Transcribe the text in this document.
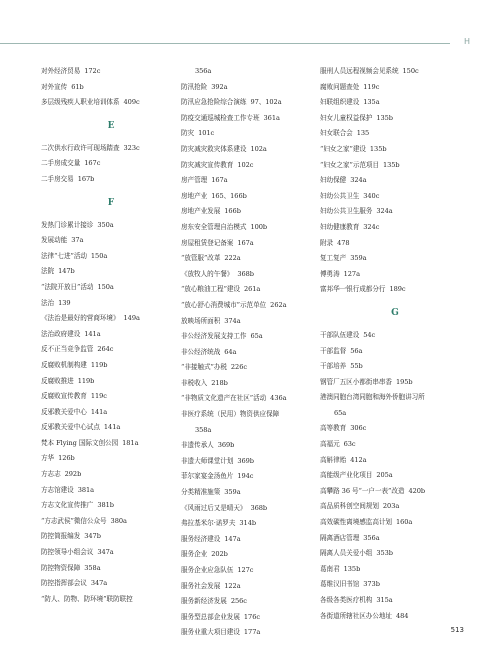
H
对外经济贸易 172c
对外宣传 61b
多层级残疾人职业培训体系 409c
E
二次供水行政许可现场踏查 323c
二手房成交量 167c
二手房交易 167b
F
发热门诊累计接诊 350a
发展动能 37a
法律“七进”活动 150a
法院 147b
“法院开放日”活动 150a
法治 139
《法治是最好的营商环境》 149a
法治政府建设 141a
反不正当竞争监管 264c
反腐败机制构建 119b
反腐败推进 119b
反腐败宣传教育 119c
反邪教关爱中心 141a
反邪教关爱中心试点 141a
梵本 Flying 国际文创公园 181a
方华 126b
方志志 292b
方志馆建设 381a
方志文化宣传推广 381b
“方志武侯”微信公众号 380a
防控简报编发 347b
防控领导小组会议 347a
防控物资保障 358a
防控指挥部会议 347a
“防人、防物、防环境”联防联控
356a
防汛抢险 392a
防汛应急抢险综合演练 97、102a
防疫交通巡城检查工作专班 361a
防灾 101c
防灾减灾救灾体系建设 102a
防灾减灾宣传教育 102c
房产管理 167a
房地产业 165、166b
房地产业发展 166b
房东安全管理自治模式 100b
房屋租赁登记备案 167a
“放管服”改革 222a
《放牧人的午餐》 368b
“放心粮油工程”建设 261a
“放心舒心消费城市”示范单位 262a
放映场所面积 374a
非公经济发展支持工作 65a
非公经济统战 64a
“非接触式”办税 226c
非税收入 218b
“非物质文化遗产在社区”活动 436a
非医疗系统（民用）物资供应保障
358a
非遗传承人 369b
非遗大师课堂计划 369b
菲尔家宴金汤鱼片 194c
分类精准施策 359a
《风雨过后又是晴天》 368b
弗拉基米尔·诺罗夫 314b
服务经济建设 147a
服务企业 202b
服务企业应急队伍 127c
服务社会发展 122a
服务新经济发展 256c
服务型总部企业发展 176c
服务业重大项目建设 177a
服刑人员远程视频会见系统 150c
腐败问题查处 119c
妇联组织建设 135a
妇女儿童权益保护 135b
妇女联合会 135
“妇女之家”建设 135b
“妇女之家”示范项目 135b
妇幼保健 324a
妇幼公共卫生 340c
妇幼公共卫生服务 324a
妇幼健康教育 324c
附录 478
复工复产 359a
傅勇涛 127a
富邦华一银行成都分行 189c
G
干部队伍建设 54c
干部监督 56a
干部培养 55b
钢管厂五区小都街串串香 195b
港澳同胞台湾同胞和海外侨胞讲习所
65a
高等教育 306c
高福元 63c
高斛律贻 412a
高能级产业化项目 205a
高攀路 36 号“一户一表”改造 420b
高品质科创空间规划 203a
高效碳性离境感监高计划 160a
隔离酒店管理 356a
隔离人员关爱小组 353b
葛南君 135b
葛维汉旧书馆 373b
各级各类医疗机构 315a
各街道所辖社区办公地址 484
513
